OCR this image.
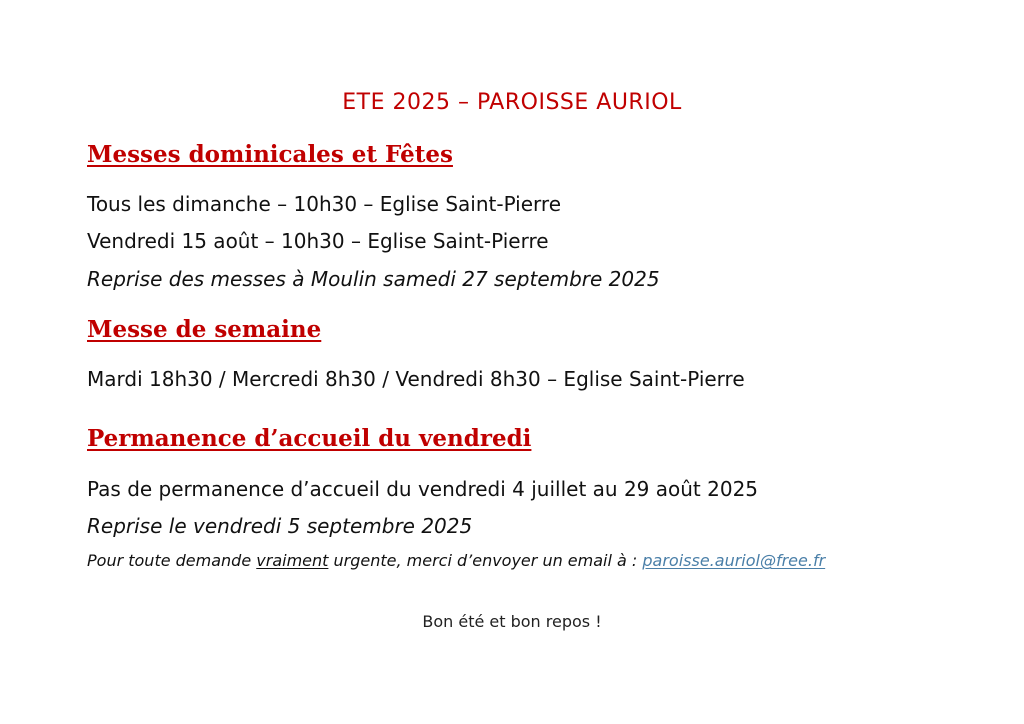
ETE 2025 – PAROISSE AURIOL
Messes dominicales et Fêtes
Tous les dimanche – 10h30 – Eglise Saint-Pierre
Vendredi 15 août – 10h30 – Eglise Saint-Pierre
Reprise des messes à Moulin samedi 27 septembre 2025
Messe de semaine
Mardi 18h30 / Mercredi 8h30 / Vendredi 8h30 – Eglise Saint-Pierre
Permanence d’accueil du vendredi
Pas de permanence d’accueil du vendredi 4 juillet au 29 août 2025
Reprise le vendredi 5 septembre 2025
Pour toute demande vraiment urgente, merci d’envoyer un email à : paroisse.auriol@free.fr
Bon été et bon repos !
